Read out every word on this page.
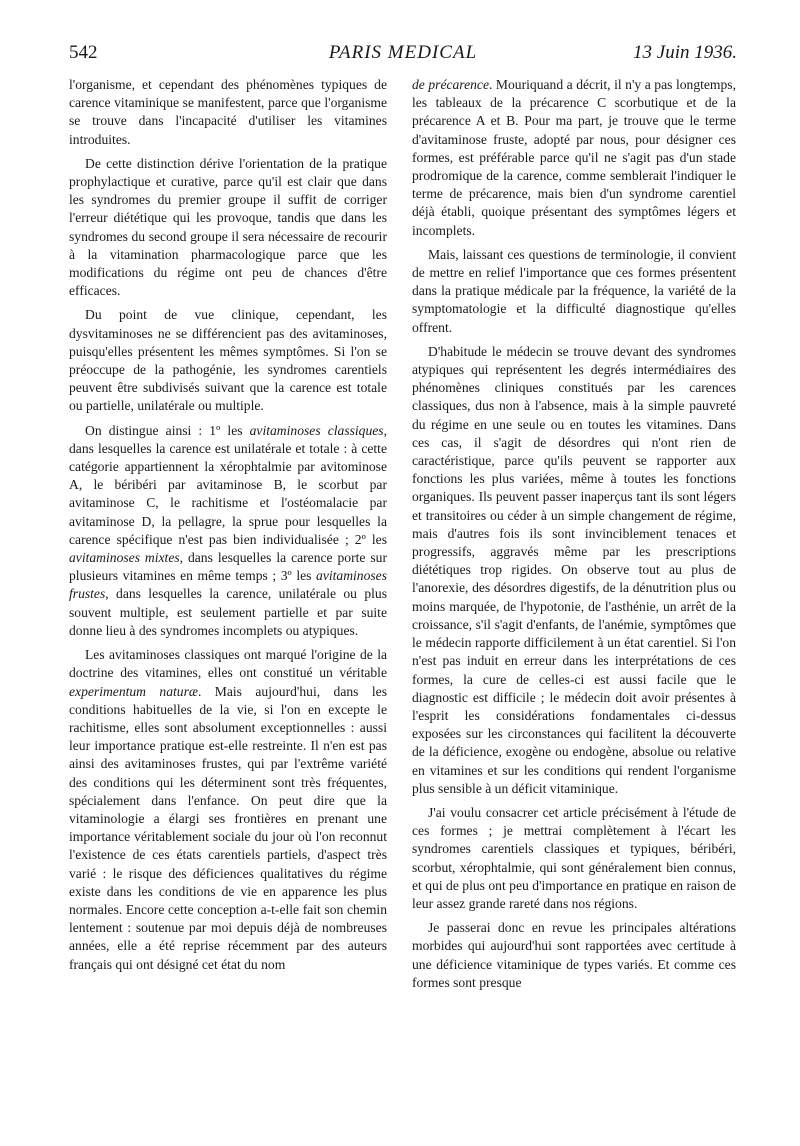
542	PARIS MEDICAL	13 Juin 1936.

l'organisme, et cependant des phénomènes typiques de carence vitaminique se manifestent, parce que l'organisme se trouve dans l'incapacité d'utiliser les vitamines introduites.

De cette distinction dérive l'orientation de la pratique prophylactique et curative, parce qu'il est clair que dans les syndromes du premier groupe il suffit de corriger l'erreur diététique qui les provoque, tandis que dans les syndromes du second groupe il sera nécessaire de recourir à la vitamination pharmacologique parce que les modifications du régime ont peu de chances d'être efficaces.

Du point de vue clinique, cependant, les dysvitaminoses ne se différencient pas des avitaminoses, puisqu'elles présentent les mêmes symptômes. Si l'on se préoccupe de la pathogénie, les syndromes carentiels peuvent être subdivisés suivant que la carence est totale ou partielle, unilatérale ou multiple.

On distingue ainsi : 1º les avitaminoses classiques, dans lesquelles la carence est unilatérale et totale : à cette catégorie appartiennent la xérophtalmie par avitominose A, le béribéri par avitaminose B, le scorbut par avitaminose C, le rachitisme et l'ostéomalacie par avitaminose D, la pellagre, la sprue pour lesquelles la carence spécifique n'est pas bien individualisée ; 2º les avitaminoses mixtes, dans lesquelles la carence porte sur plusieurs vitamines en même temps ; 3º les avitaminoses frustes, dans lesquelles la carence, unilatérale ou plus souvent multiple, est seulement partielle et par suite donne lieu à des syndromes incomplets ou atypiques.

Les avitaminoses classiques ont marqué l'origine de la doctrine des vitamines, elles ont constitué un véritable experimentum naturæ. Mais aujourd'hui, dans les conditions habituelles de la vie, si l'on en excepte le rachitisme, elles sont absolument exceptionnelles : aussi leur importance pratique est-elle restreinte. Il n'en est pas ainsi des avitaminoses frustes, qui par l'extrême variété des conditions qui les déterminent sont très fréquentes, spécialement dans l'enfance. On peut dire que la vitaminologie a élargi ses frontières en prenant une importance véritablement sociale du jour où l'on reconnut l'existence de ces états carentiels partiels, d'aspect très varié : le risque des déficiences qualitatives du régime existe dans les conditions de vie en apparence les plus normales. Encore cette conception a-t-elle fait son chemin lentement : soutenue par moi depuis déjà de nombreuses années, elle a été reprise récemment par des auteurs français qui ont désigné cet état du nom

de précarence. Mouriquand a décrit, il n'y a pas longtemps, les tableaux de la précarence C scorbutique et de la précarence A et B. Pour ma part, je trouve que le terme d'avitaminose fruste, adopté par nous, pour désigner ces formes, est préférable parce qu'il ne s'agit pas d'un stade prodromique de la carence, comme semblerait l'indiquer le terme de précarence, mais bien d'un syndrome carentiel déjà établi, quoique présentant des symptômes légers et incomplets.

Mais, laissant ces questions de terminologie, il convient de mettre en relief l'importance que ces formes présentent dans la pratique médicale par la fréquence, la variété de la symptomatologie et la difficulté diagnostique qu'elles offrent.

D'habitude le médecin se trouve devant des syndromes atypiques qui représentent les degrés intermédiaires des phénomènes cliniques constitués par les carences classiques, dus non à l'absence, mais à la simple pauvreté du régime en une seule ou en toutes les vitamines. Dans ces cas, il s'agit de désordres qui n'ont rien de caractéristique, parce qu'ils peuvent se rapporter aux fonctions les plus variées, même à toutes les fonctions organiques. Ils peuvent passer inaperçus tant ils sont légers et transitoires ou céder à un simple changement de régime, mais d'autres fois ils sont invinciblement tenaces et progressifs, aggravés même par les prescriptions diététiques trop rigides. On observe tout au plus de l'anorexie, des désordres digestifs, de la dénutrition plus ou moins marquée, de l'hypotonie, de l'asthénie, un arrêt de la croissance, s'il s'agit d'enfants, de l'anémie, symptômes que le médecin rapporte difficilement à un état carentiel. Si l'on n'est pas induit en erreur dans les interprétations de ces formes, la cure de celles-ci est aussi facile que le diagnostic est difficile ; le médecin doit avoir présentes à l'esprit les considérations fondamentales ci-dessus exposées sur les circonstances qui facilitent la découverte de la déficience, exogène ou endogène, absolue ou relative en vitamines et sur les conditions qui rendent l'organisme plus sensible à un déficit vitaminique.

J'ai voulu consacrer cet article précisément à l'étude de ces formes ; je mettrai complètement à l'écart les syndromes carentiels classiques et typiques, béribéri, scorbut, xérophtalmie, qui sont généralement bien connus, et qui de plus ont peu d'importance en pratique en raison de leur assez grande rareté dans nos régions.

Je passerai donc en revue les principales altérations morbides qui aujourd'hui sont rapportées avec certitude à une déficience vitaminique de types variés. Et comme ces formes sont presque
